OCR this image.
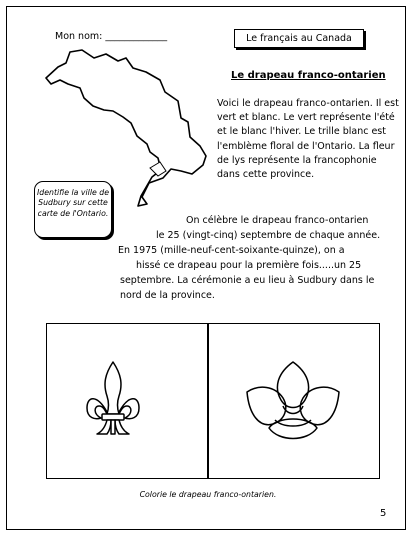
Mon nom: _____________	Le français au Canada
Le drapeau franco-ontarien

Voici le drapeau franco-ontarien. Il est vert et blanc. Le vert représente l'été et le blanc l'hiver. Le trille blanc est l'emblème floral de l'Ontario. La fleur de lys représente la francophonie dans cette province.

Identifie la ville de Sudbury sur cette carte de l'Ontario.

On célèbre le drapeau franco-ontarien
le 25 (vingt-cinq) septembre de chaque année.
En 1975 (mille-neuf-cent-soixante-quinze), on a
hissé ce drapeau pour la première fois.....un 25
septembre. La cérémonie a eu lieu à Sudbury dans le
nord de la province.

Colorie le drapeau franco-ontarien.
5
